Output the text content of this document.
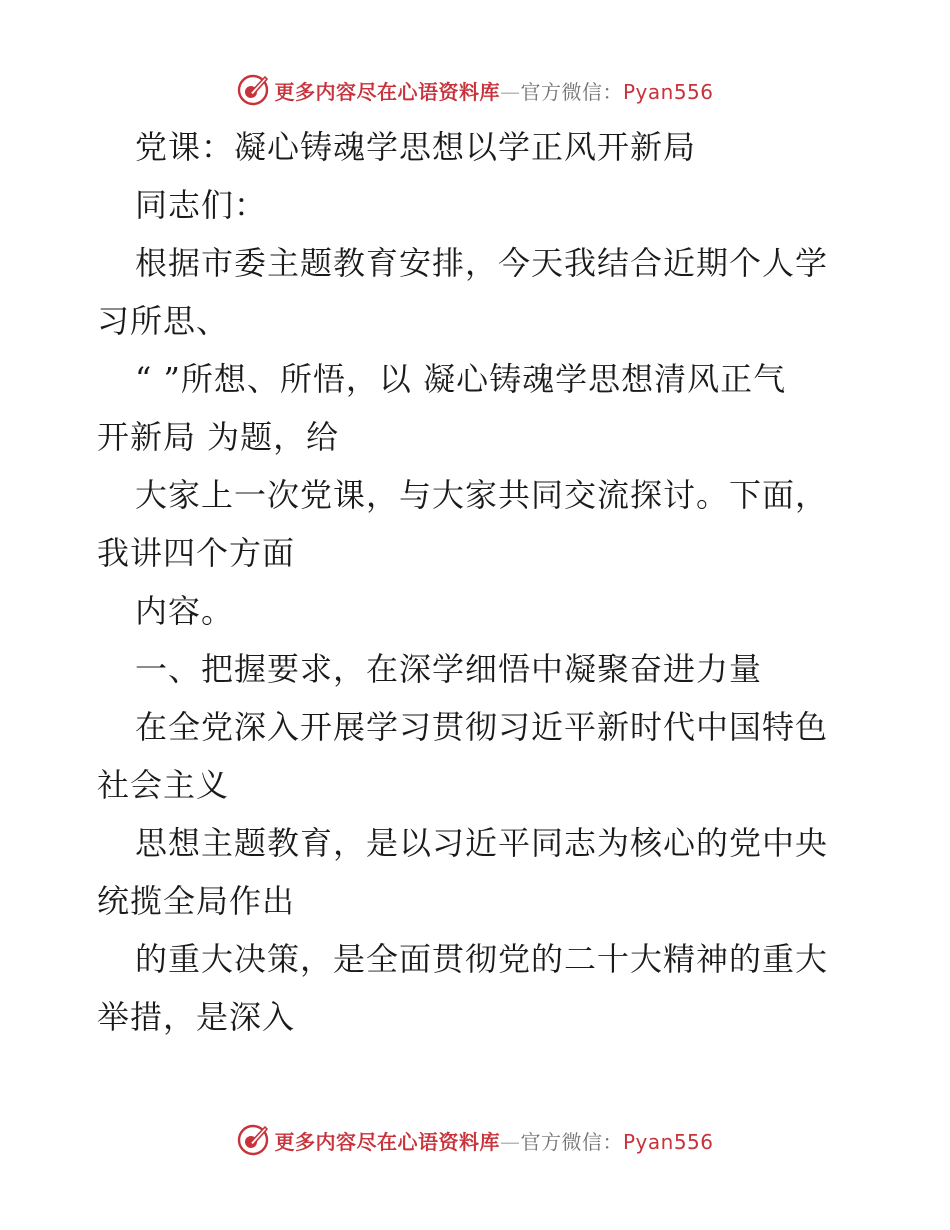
更多内容尽在心语资料库—官方微信：Pyan556
党课：凝心铸魂学思想以学正风开新局
同志们：
根据市委主题教育安排，今天我结合近期个人学
习所思、
“ ”所想、所悟，以 凝心铸魂学思想清风正气
开新局 为题，给
大家上一次党课，与大家共同交流探讨。下面，
我讲四个方面
内容。
一、把握要求，在深学细悟中凝聚奋进力量
在全党深入开展学习贯彻习近平新时代中国特色
社会主义
思想主题教育，是以习近平同志为核心的党中央
统揽全局作出
的重大决策，是全面贯彻党的二十大精神的重大
举措，是深入
更多内容尽在心语资料库—官方微信：Pyan556
